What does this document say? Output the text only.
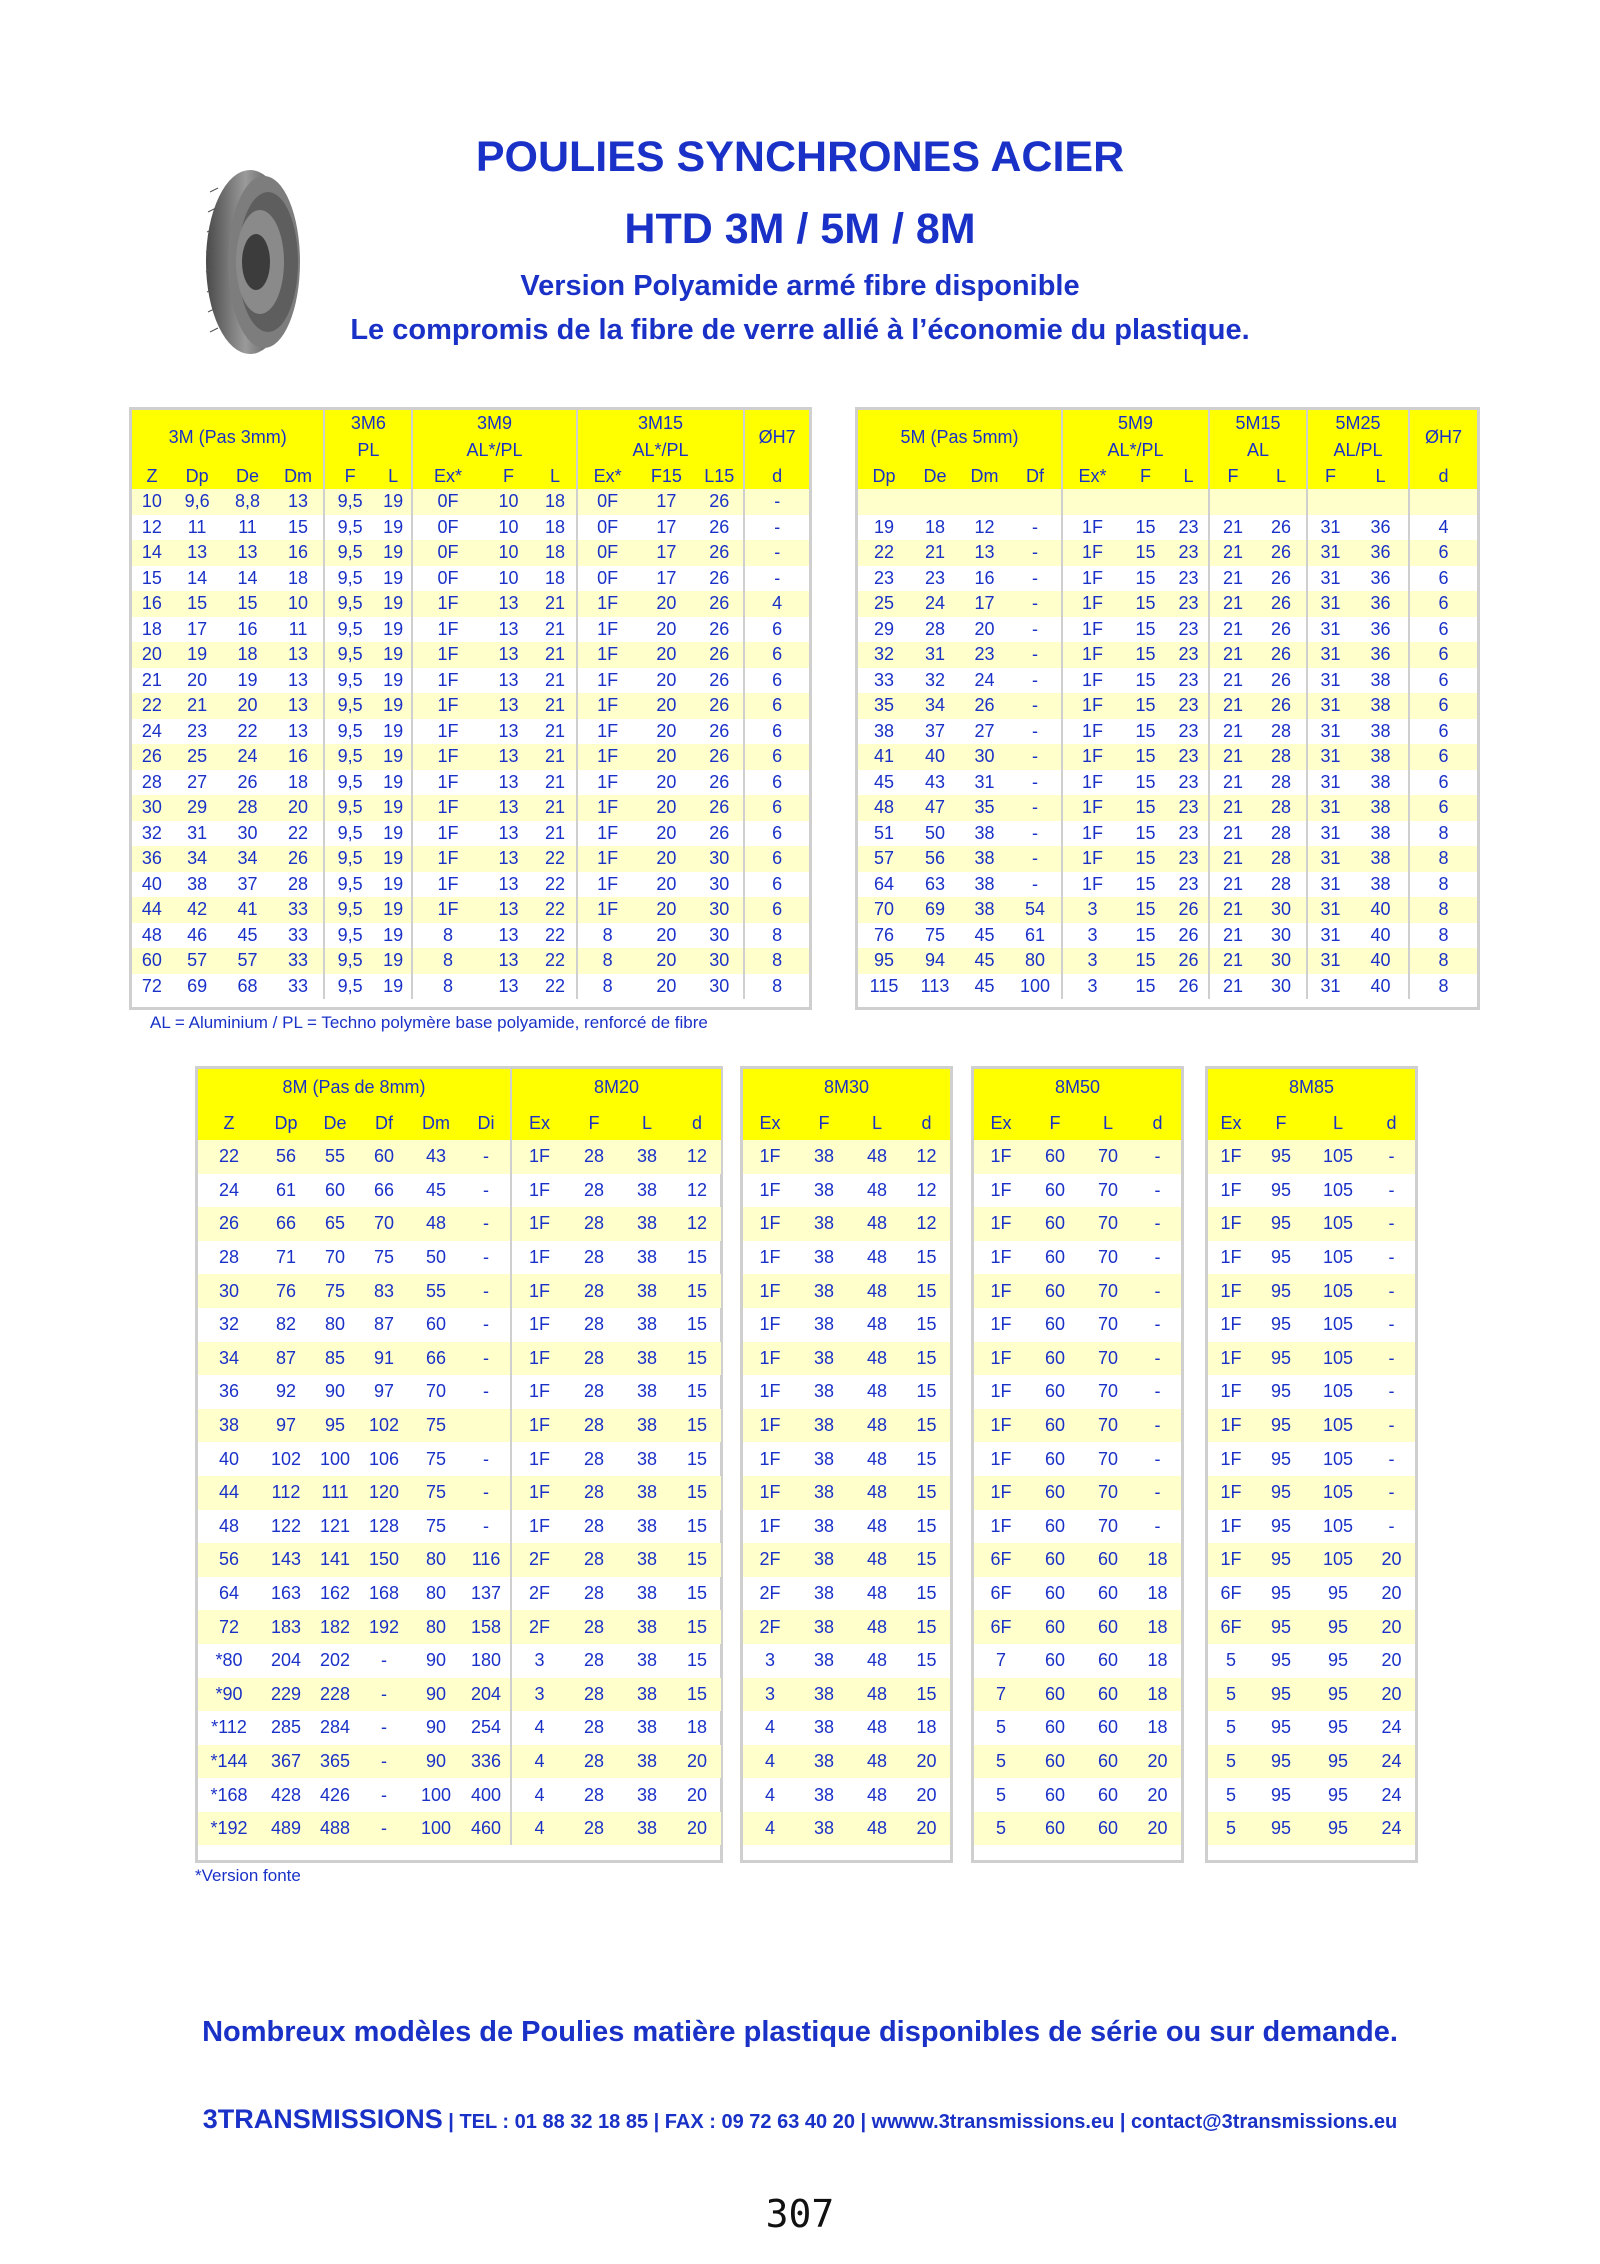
POULIES SYNCHRONES ACIER
HTD 3M / 5M / 8M
Version Polyamide armé fibre disponible
Le compromis de la fibre de verre allié à l’économie du plastique.
3M (Pas 3mm)				3M6		3M9			3M15			ØH7
				PL		AL*/PL			AL*/PL			
Z	Dp	De	Dm	F	L	Ex*	F	L	Ex*	F15	L15	d
10	9,6	8,8	13	9,5	19	0F	10	18	0F	17	26	-
12	11	11	15	9,5	19	0F	10	18	0F	17	26	-
14	13	13	16	9,5	19	0F	10	18	0F	17	26	-
15	14	14	18	9,5	19	0F	10	18	0F	17	26	-
16	15	15	10	9,5	19	1F	13	21	1F	20	26	4
18	17	16	11	9,5	19	1F	13	21	1F	20	26	6
20	19	18	13	9,5	19	1F	13	21	1F	20	26	6
21	20	19	13	9,5	19	1F	13	21	1F	20	26	6
22	21	20	13	9,5	19	1F	13	21	1F	20	26	6
24	23	22	13	9,5	19	1F	13	21	1F	20	26	6
26	25	24	16	9,5	19	1F	13	21	1F	20	26	6
28	27	26	18	9,5	19	1F	13	21	1F	20	26	6
30	29	28	20	9,5	19	1F	13	21	1F	20	26	6
32	31	30	22	9,5	19	1F	13	21	1F	20	26	6
36	34	34	26	9,5	19	1F	13	22	1F	20	30	6
40	38	37	28	9,5	19	1F	13	22	1F	20	30	6
44	42	41	33	9,5	19	1F	13	22	1F	20	30	6
48	46	45	33	9,5	19	8	13	22	8	20	30	8
60	57	57	33	9,5	19	8	13	22	8	20	30	8
72	69	68	33	9,5	19	8	13	22	8	20	30	8
5M (Pas 5mm)				5M9			5M15		5M25		ØH7
				AL*/PL			AL		AL/PL		
Dp	De	Dm	Df	Ex*	F	L	F	L	F	L	d

19	18	12	-	1F	15	23	21	26	31	36	4
22	21	13	-	1F	15	23	21	26	31	36	6
23	23	16	-	1F	15	23	21	26	31	36	6
25	24	17	-	1F	15	23	21	26	31	36	6
29	28	20	-	1F	15	23	21	26	31	36	6
32	31	23	-	1F	15	23	21	26	31	36	6
33	32	24	-	1F	15	23	21	26	31	38	6
35	34	26	-	1F	15	23	21	26	31	38	6
38	37	27	-	1F	15	23	21	28	31	38	6
41	40	30	-	1F	15	23	21	28	31	38	6
45	43	31	-	1F	15	23	21	28	31	38	6
48	47	35	-	1F	15	23	21	28	31	38	6
51	50	38	-	1F	15	23	21	28	31	38	8
57	56	38	-	1F	15	23	21	28	31	38	8
64	63	38	-	1F	15	23	21	28	31	38	8
70	69	38	54	3	15	26	21	30	31	40	8
76	75	45	61	3	15	26	21	30	31	40	8
95	94	45	80	3	15	26	21	30	31	40	8
115	113	45	100	3	15	26	21	30	31	40	8
AL = Aluminium / PL = Techno polymère base polyamide, renforcé de fibre
8M (Pas de 8mm)					
Z	Dp	De	Df	Dm	Di
22	56	55	60	43	-
24	61	60	66	45	-
26	66	65	70	48	-
28	71	70	75	50	-
30	76	75	83	55	-
32	82	80	87	60	-
34	87	85	91	66	-
36	92	90	97	70	-
38	97	95	102	75	
40	102	100	106	75	-
44	112	111	120	75	-
48	122	121	128	75	-
56	143	141	150	80	116
64	163	162	168	80	137
72	183	182	192	80	158
*80	204	202	-	90	180
*90	229	228	-	90	204
*112	285	284	-	90	254
*144	367	365	-	90	336
*168	428	426	-	100	400
*192	489	488	-	100	460
8M20			
Ex	F	L	d
1F	28	38	12
1F	28	38	12
1F	28	38	12
1F	28	38	15
1F	28	38	15
1F	28	38	15
1F	28	38	15
1F	28	38	15
1F	28	38	15
1F	28	38	15
1F	28	38	15
1F	28	38	15
2F	28	38	15
2F	28	38	15
2F	28	38	15
3	28	38	15
3	28	38	15
4	28	38	18
4	28	38	20
4	28	38	20
4	28	38	20
8M30			
Ex	F	L	d
1F	38	48	12
1F	38	48	12
1F	38	48	12
1F	38	48	15
1F	38	48	15
1F	38	48	15
1F	38	48	15
1F	38	48	15
1F	38	48	15
1F	38	48	15
1F	38	48	15
1F	38	48	15
2F	38	48	15
2F	38	48	15
2F	38	48	15
3	38	48	15
3	38	48	15
4	38	48	18
4	38	48	20
4	38	48	20
4	38	48	20
8M50			
Ex	F	L	d
1F	60	70	-
1F	60	70	-
1F	60	70	-
1F	60	70	-
1F	60	70	-
1F	60	70	-
1F	60	70	-
1F	60	70	-
1F	60	70	-
1F	60	70	-
1F	60	70	-
1F	60	70	-
6F	60	60	18
6F	60	60	18
6F	60	60	18
7	60	60	18
7	60	60	18
5	60	60	18
5	60	60	20
5	60	60	20
5	60	60	20
8M85			
Ex	F	L	d
1F	95	105	-
1F	95	105	-
1F	95	105	-
1F	95	105	-
1F	95	105	-
1F	95	105	-
1F	95	105	-
1F	95	105	-
1F	95	105	-
1F	95	105	-
1F	95	105	-
1F	95	105	-
1F	95	105	20
6F	95	95	20
6F	95	95	20
5	95	95	20
5	95	95	20
5	95	95	24
5	95	95	24
5	95	95	24
5	95	95	24
*Version fonte
Nombreux modèles de Poulies matière plastique disponibles de série ou sur demande.
3TRANSMISSIONS | TEL : 01 88 32 18 85 | FAX : 09 72 63 40 20 | wwww.3transmissions.eu | contact@3transmissions.eu
307
